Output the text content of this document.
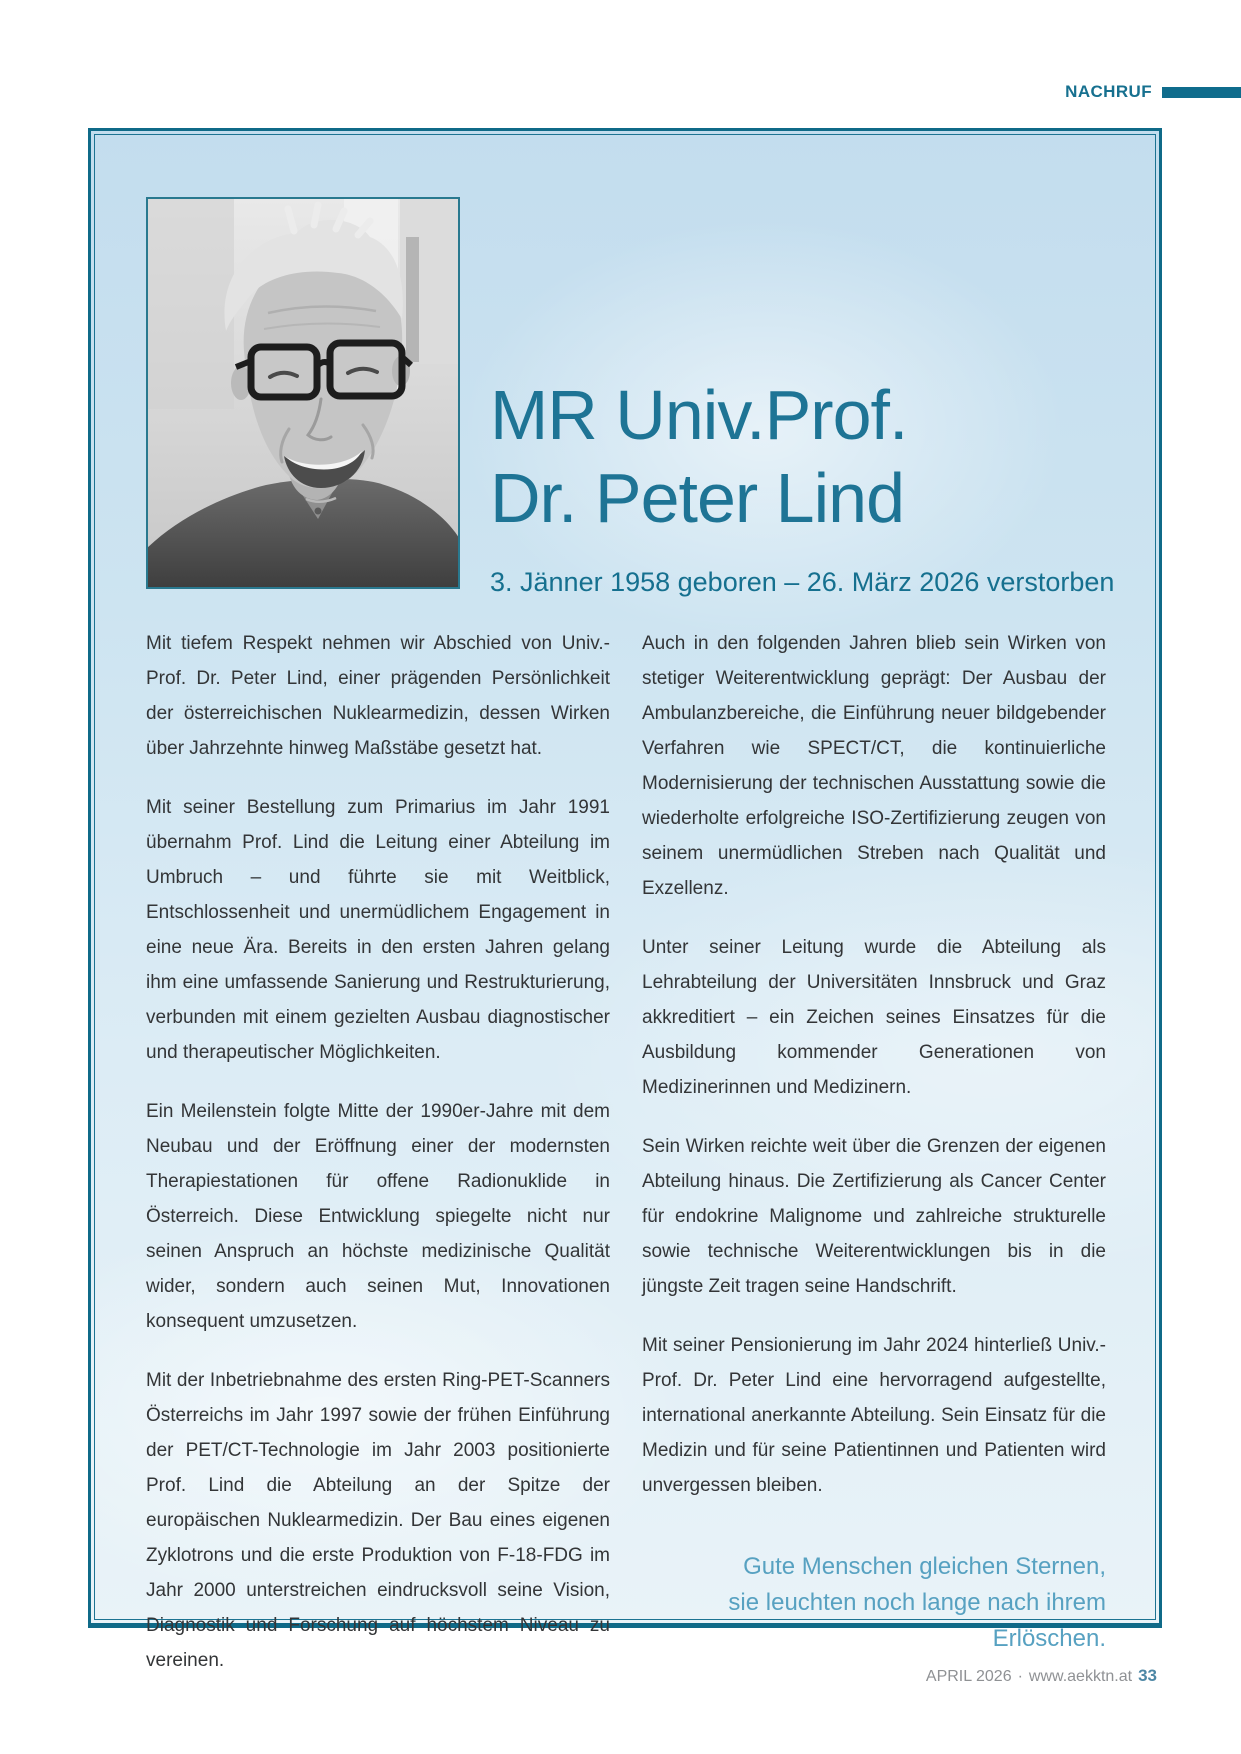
NACHRUF
MR Univ.Prof.
Dr. Peter Lind
3. Jänner 1958 geboren – 26. März 2026 verstorben

Mit tiefem Respekt nehmen wir Abschied von Univ.-Prof. Dr. Peter Lind, einer prägenden Persönlichkeit der österreichischen Nuklearmedizin, dessen Wirken über Jahrzehnte hinweg Maßstäbe gesetzt hat.

Mit seiner Bestellung zum Primarius im Jahr 1991 übernahm Prof. Lind die Leitung einer Abteilung im Umbruch – und führte sie mit Weitblick, Entschlossenheit und unermüdlichem Engagement in eine neue Ära. Bereits in den ersten Jahren gelang ihm eine umfassende Sanierung und Restrukturierung, verbunden mit einem gezielten Ausbau diagnostischer und therapeutischer Möglichkeiten.

Ein Meilenstein folgte Mitte der 1990er-Jahre mit dem Neubau und der Eröffnung einer der modernsten Therapiestationen für offene Radionuklide in Österreich. Diese Entwicklung spiegelte nicht nur seinen Anspruch an höchste medizinische Qualität wider, sondern auch seinen Mut, Innovationen konsequent umzusetzen.

Mit der Inbetriebnahme des ersten Ring-PET-Scanners Österreichs im Jahr 1997 sowie der frühen Einführung der PET/CT-Technologie im Jahr 2003 positionierte Prof. Lind die Abteilung an der Spitze der europäischen Nuklearmedizin. Der Bau eines eigenen Zyklotrons und die erste Produktion von F-18-FDG im Jahr 2000 unterstreichen eindrucksvoll seine Vision, Diagnostik und Forschung auf höchstem Niveau zu vereinen.

Auch in den folgenden Jahren blieb sein Wirken von stetiger Weiterentwicklung geprägt: Der Ausbau der Ambulanzbereiche, die Einführung neuer bildgebender Verfahren wie SPECT/CT, die kontinuierliche Modernisierung der technischen Ausstattung sowie die wiederholte erfolgreiche ISO-Zertifizierung zeugen von seinem unermüdlichen Streben nach Qualität und Exzellenz.

Unter seiner Leitung wurde die Abteilung als Lehrabteilung der Universitäten Innsbruck und Graz akkreditiert – ein Zeichen seines Einsatzes für die Ausbildung kommender Generationen von Medizinerinnen und Medizinern.

Sein Wirken reichte weit über die Grenzen der eigenen Abteilung hinaus. Die Zertifizierung als Cancer Center für endokrine Malignome und zahlreiche strukturelle sowie technische Weiterentwicklungen bis in die jüngste Zeit tragen seine Handschrift.

Mit seiner Pensionierung im Jahr 2024 hinterließ Univ.-Prof. Dr. Peter Lind eine hervorragend aufgestellte, international anerkannte Abteilung. Sein Einsatz für die Medizin und für seine Patientinnen und Patienten wird unvergessen bleiben.

Gute Menschen gleichen Sternen,
sie leuchten noch lange nach ihrem Erlöschen.
APRIL 2026 · www.aekktn.at 33
